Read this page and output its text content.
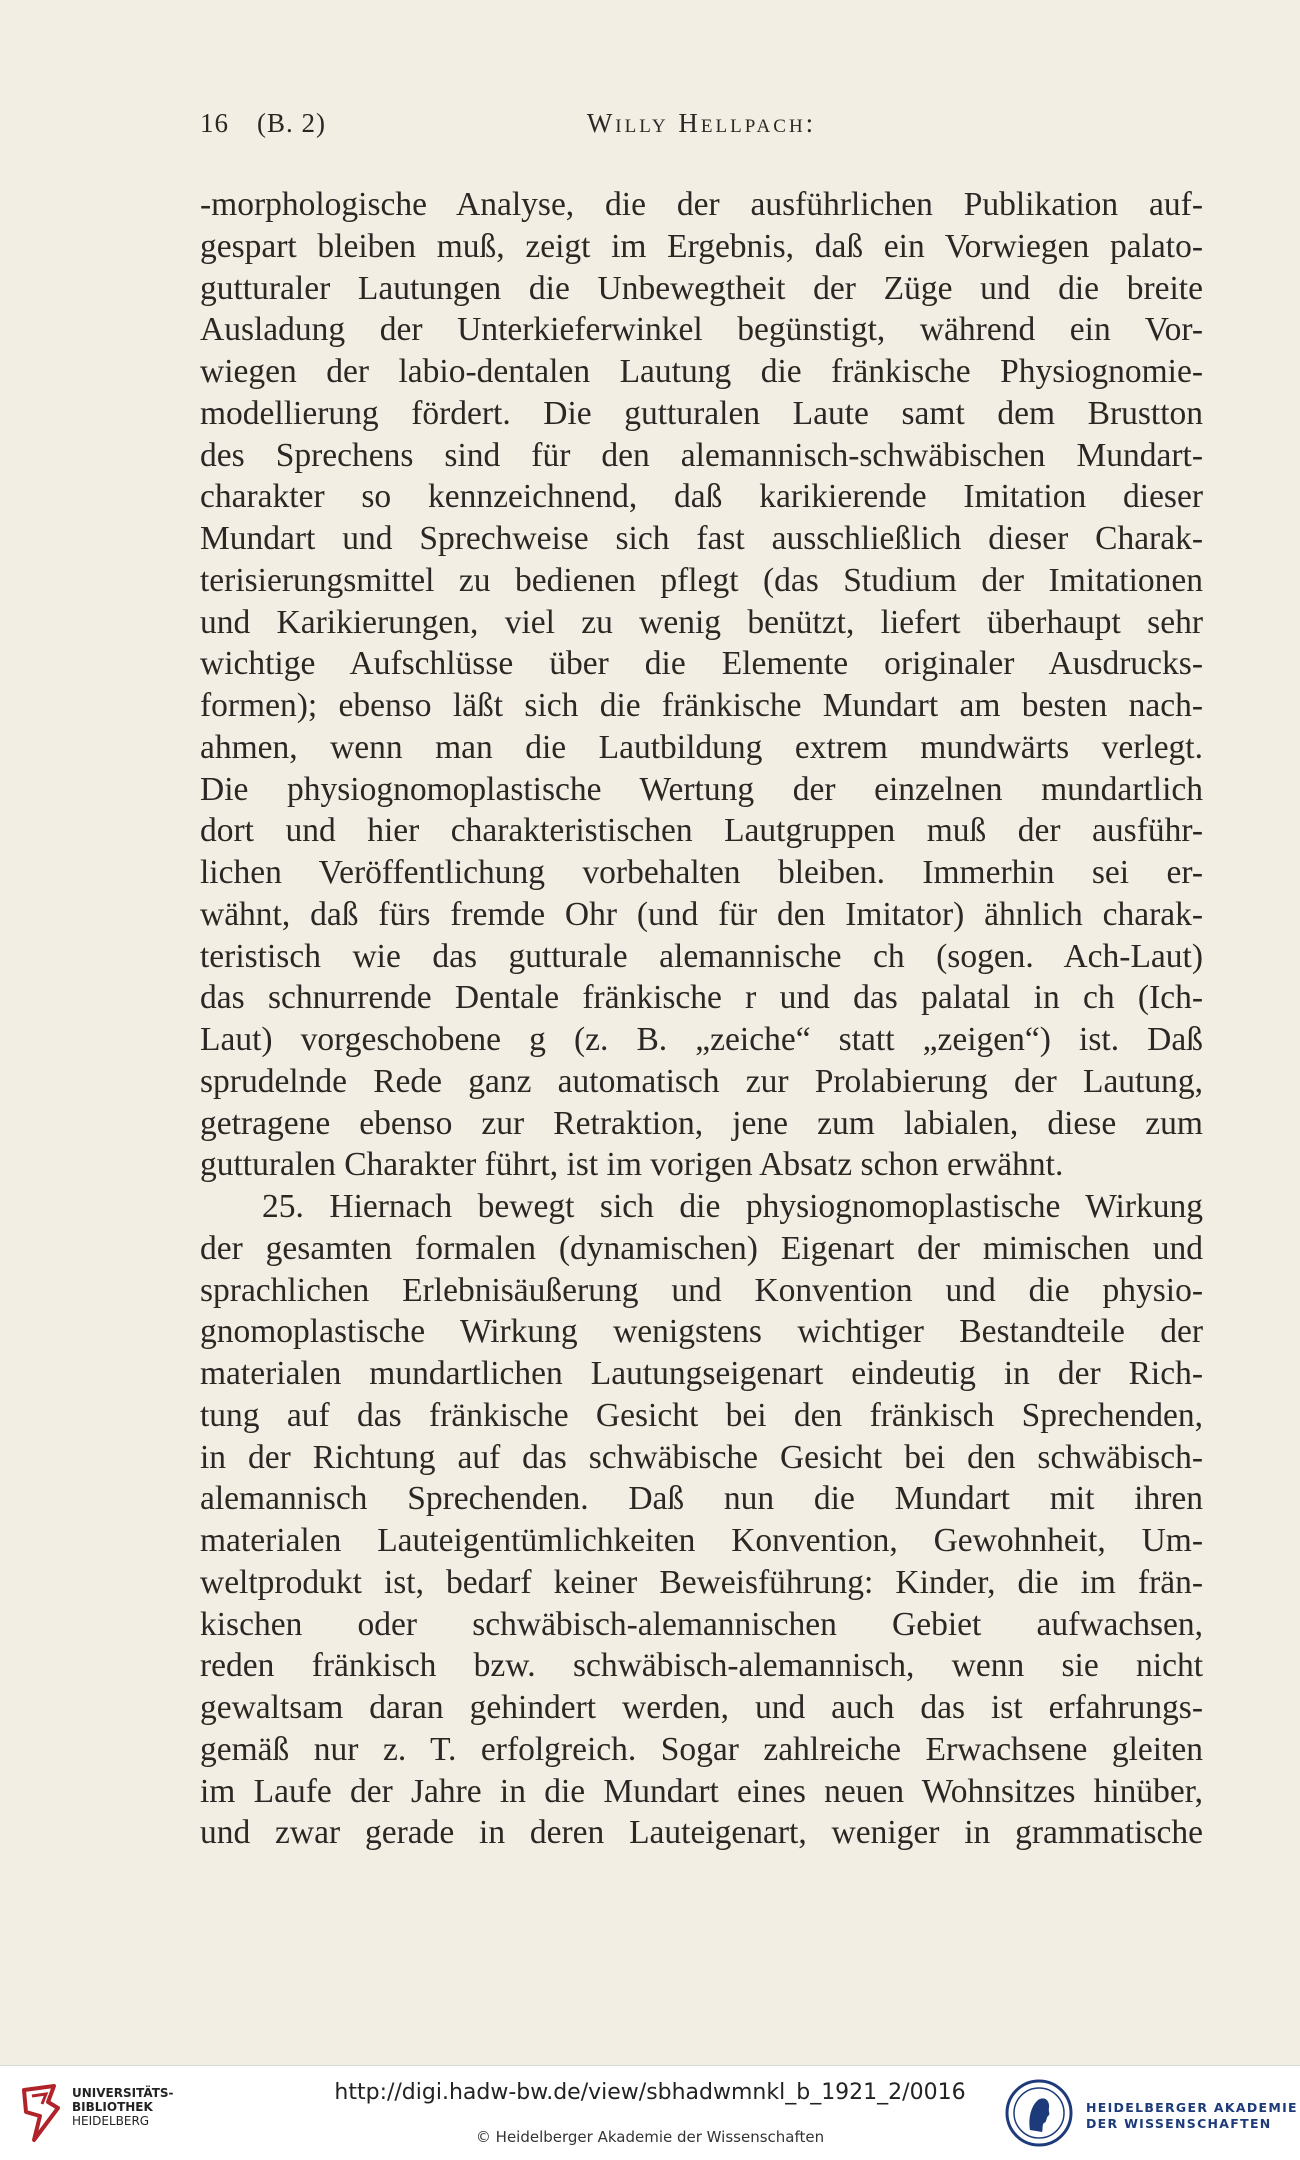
16 (B. 2)	Willy Hellpach:
-morphologische Analyse, die der ausführlichen Publikation auf-
gespart bleiben muß, zeigt im Ergebnis, daß ein Vorwiegen palato-
gutturaler Lautungen die Unbewegtheit der Züge und die breite
Ausladung der Unterkieferwinkel begünstigt, während ein Vor-
wiegen der labio-dentalen Lautung die fränkische Physiognomie-
modellierung fördert. Die gutturalen Laute samt dem Brustton
des Sprechens sind für den alemannisch-schwäbischen Mundart-
charakter so kennzeichnend, daß karikierende Imitation dieser
Mundart und Sprechweise sich fast ausschließlich dieser Charak-
terisierungsmittel zu bedienen pflegt (das Studium der Imitationen
und Karikierungen, viel zu wenig benützt, liefert überhaupt sehr
wichtige Aufschlüsse über die Elemente originaler Ausdrucks-
formen); ebenso läßt sich die fränkische Mundart am besten nach-
ahmen, wenn man die Lautbildung extrem mundwärts verlegt.
Die physiognomoplastische Wertung der einzelnen mundartlich
dort und hier charakteristischen Lautgruppen muß der ausführ-
lichen Veröffentlichung vorbehalten bleiben. Immerhin sei er-
wähnt, daß fürs fremde Ohr (und für den Imitator) ähnlich charak-
teristisch wie das gutturale alemannische ch (sogen. Ach-Laut)
das schnurrende Dentale fränkische r und das palatal in ch (Ich-
Laut) vorgeschobene g (z. B. „zeiche“ statt „zeigen“) ist. Daß
sprudelnde Rede ganz automatisch zur Prolabierung der Lautung,
getragene ebenso zur Retraktion, jene zum labialen, diese zum
gutturalen Charakter führt, ist im vorigen Absatz schon erwähnt.
25. Hiernach bewegt sich die physiognomoplastische Wirkung
der gesamten formalen (dynamischen) Eigenart der mimischen und
sprachlichen Erlebnisäußerung und Konvention und die physio-
gnomoplastische Wirkung wenigstens wichtiger Bestandteile der
materialen mundartlichen Lautungseigenart eindeutig in der Rich-
tung auf das fränkische Gesicht bei den fränkisch Sprechenden,
in der Richtung auf das schwäbische Gesicht bei den schwäbisch-
alemannisch Sprechenden. Daß nun die Mundart mit ihren
materialen Lauteigentümlichkeiten Konvention, Gewohnheit, Um-
weltprodukt ist, bedarf keiner Beweisführung: Kinder, die im frän-
kischen oder schwäbisch-alemannischen Gebiet aufwachsen,
reden fränkisch bzw. schwäbisch-alemannisch, wenn sie nicht
gewaltsam daran gehindert werden, und auch das ist erfahrungs-
gemäß nur z. T. erfolgreich. Sogar zahlreiche Erwachsene gleiten
im Laufe der Jahre in die Mundart eines neuen Wohnsitzes hinüber,
und zwar gerade in deren Lauteigenart, weniger in grammatische
UNIVERSITÄTS-
BIBLIOTHEK
HEIDELBERG
http://digi.hadw-bw.de/view/sbhadwmnkl_b_1921_2/0016
© Heidelberger Akademie der Wissenschaften
HEIDELBERGER AKADEMIE
DER WISSENSCHAFTEN
